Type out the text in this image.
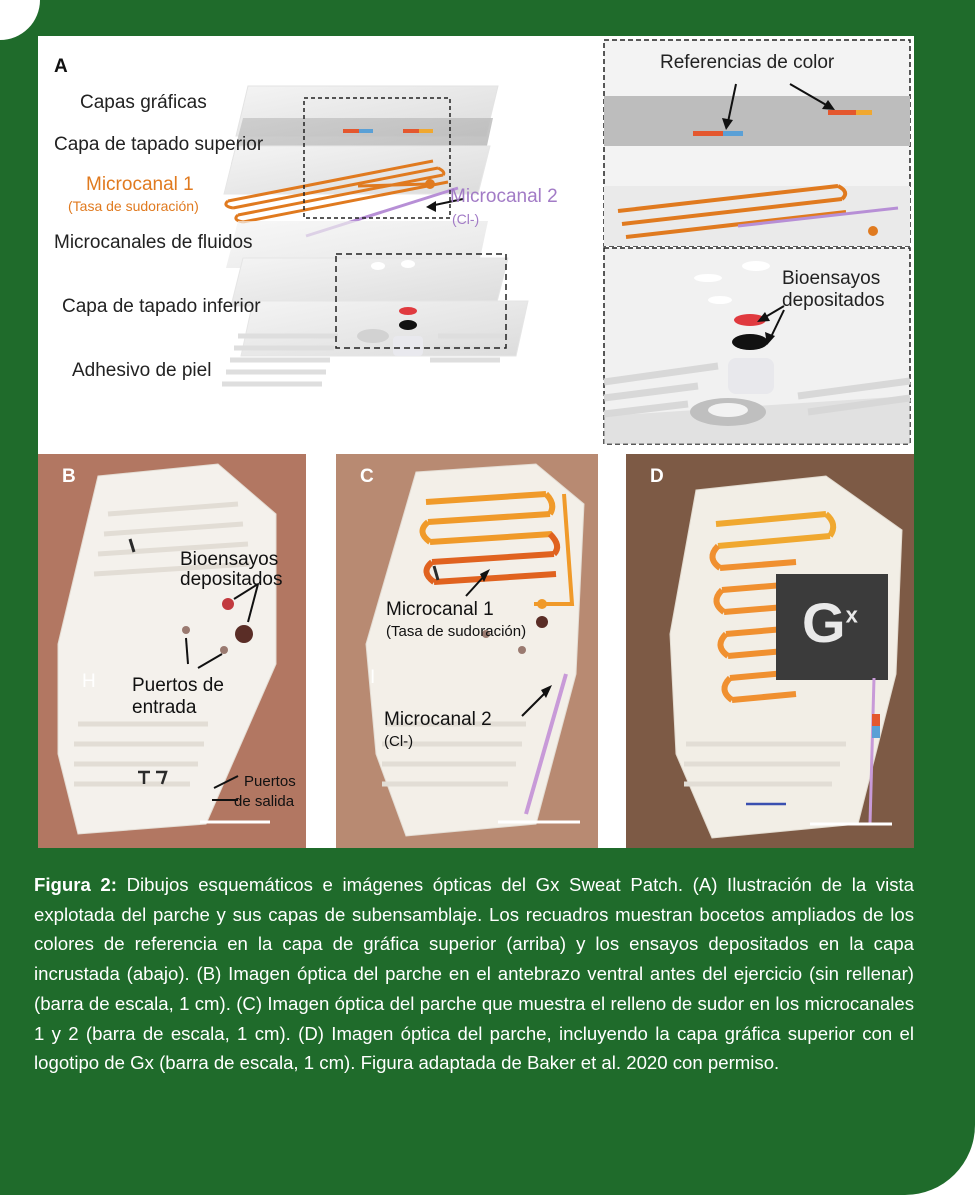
A
Capas gráficas
Capa de tapado superior
Microcanal 1
(Tasa de sudoración)	Microcanal 2
(Cl-)
Microcanales de fluidos
Capa de tapado inferior
Adhesivo de piel
Referencias de color
Bioensayos
depositados
B
Bioensayos
depositados
Puertos de
entrada
Puertos
de salida
H
C
Microcanal 1
(Tasa de sudoración)
Microcanal 2
(Cl-)
I
D
$G^x$
Figura 2: Dibujos esquemáticos e imágenes ópticas del Gx Sweat Patch. (A) Ilustración de la vista explotada del parche y sus capas de subensamblaje. Los recuadros muestran bocetos ampliados de los colores de referencia en la capa de gráfica superior (arriba) y los ensayos depositados en la capa incrustada (abajo). (B) Imagen óptica del parche en el antebrazo ventral antes del ejercicio (sin rellenar) (barra de escala, 1 cm). (C) Imagen óptica del parche que muestra el relleno de sudor en los microcanales 1 y 2 (barra de escala, 1 cm). (D) Imagen óptica del parche, incluyendo la capa gráfica superior con el logotipo de Gx (barra de escala, 1 cm). Figura adaptada de Baker et al. 2020 con permiso.
